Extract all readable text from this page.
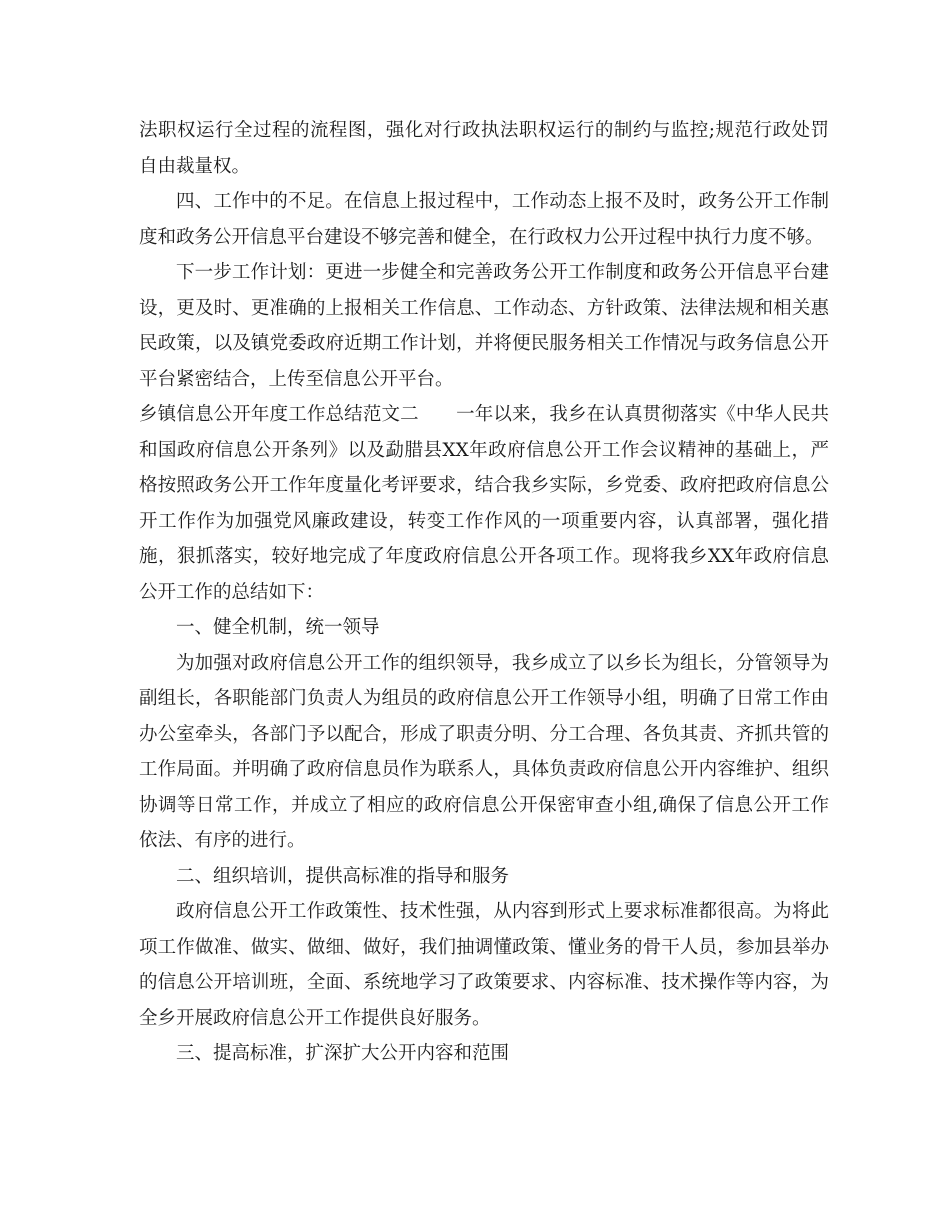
法职权运行全过程的流程图，强化对行政执法职权运行的制约与监控;规范行政处罚自由裁量权。

四、工作中的不足。在信息上报过程中，工作动态上报不及时，政务公开工作制度和政务公开信息平台建设不够完善和健全，在行政权力公开过程中执行力度不够。

下一步工作计划：更进一步健全和完善政务公开工作制度和政务公开信息平台建设，更及时、更准确的上报相关工作信息、工作动态、方针政策、法律法规和相关惠民政策，以及镇党委政府近期工作计划，并将便民服务相关工作情况与政务信息公开平台紧密结合，上传至信息公开平台。

乡镇信息公开年度工作总结范文二　　一年以来，我乡在认真贯彻落实《中华人民共和国政府信息公开条列》以及勐腊县XX年政府信息公开工作会议精神的基础上，严格按照政务公开工作年度量化考评要求，结合我乡实际，乡党委、政府把政府信息公开工作作为加强党风廉政建设，转变工作作风的一项重要内容，认真部署，强化措施，狠抓落实，较好地完成了年度政府信息公开各项工作。现将我乡XX年政府信息公开工作的总结如下：

一、健全机制，统一领导

为加强对政府信息公开工作的组织领导，我乡成立了以乡长为组长，分管领导为副组长，各职能部门负责人为组员的政府信息公开工作领导小组，明确了日常工作由办公室牵头，各部门予以配合，形成了职责分明、分工合理、各负其责、齐抓共管的工作局面。并明确了政府信息员作为联系人，具体负责政府信息公开内容维护、组织协调等日常工作，并成立了相应的政府信息公开保密审查小组,确保了信息公开工作依法、有序的进行。

二、组织培训，提供高标准的指导和服务

政府信息公开工作政策性、技术性强，从内容到形式上要求标准都很高。为将此项工作做准、做实、做细、做好，我们抽调懂政策、懂业务的骨干人员，参加县举办的信息公开培训班，全面、系统地学习了政策要求、内容标准、技术操作等内容，为全乡开展政府信息公开工作提供良好服务。

三、提高标准，扩深扩大公开内容和范围
